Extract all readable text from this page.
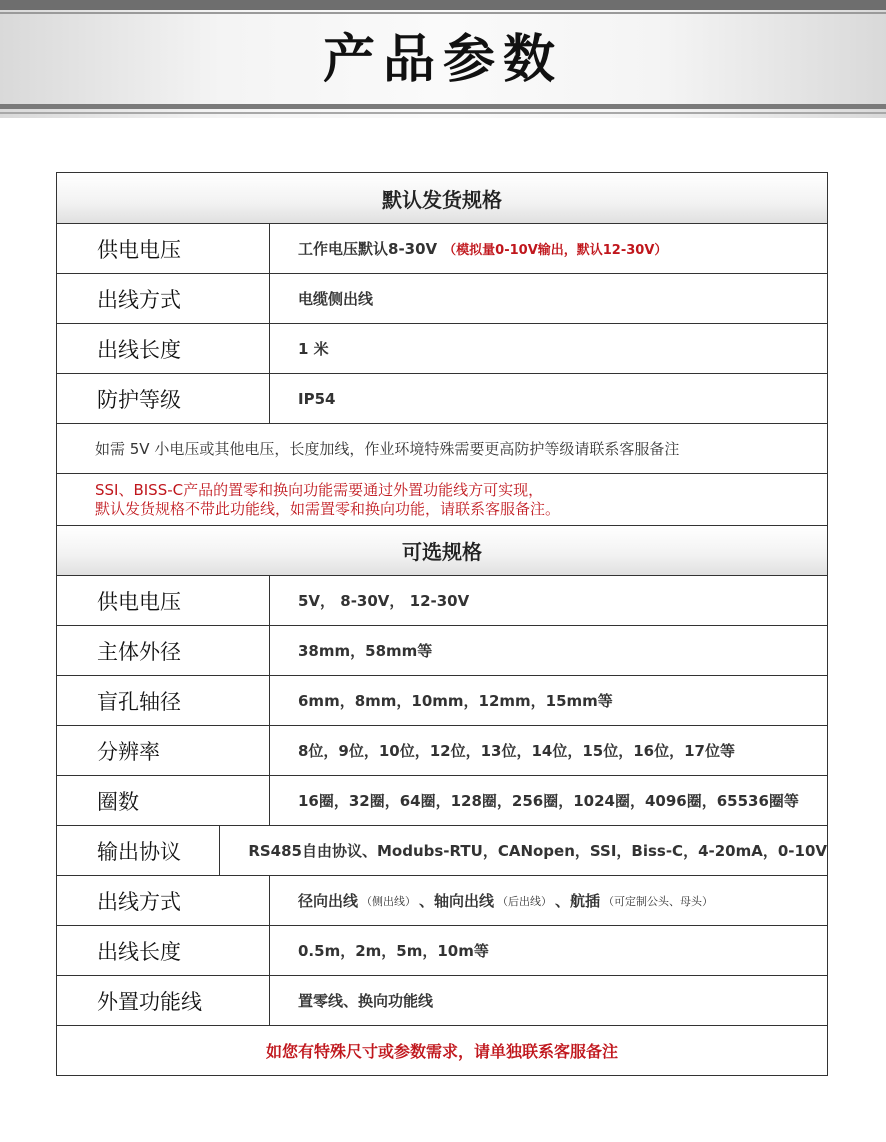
产品参数
默认发货规格
供电电压	工作电压默认8-30V （模拟量0-10V输出，默认12-30V）
出线方式	电缆侧出线
出线长度	1 米
防护等级	IP54
如需 5V 小电压或其他电压，长度加线，作业环境特殊需要更高防护等级请联系客服备注
SSI、BISS-C产品的置零和换向功能需要通过外置功能线方可实现，
默认发货规格不带此功能线，如需置零和换向功能，请联系客服备注。
可选规格
供电电压	5V， 8-30V， 12-30V
主体外径	38mm，58mm等
盲孔轴径	6mm，8mm，10mm，12mm，15mm等
分辨率	8位，9位，10位，12位，13位，14位，15位，16位，17位等
圈数	16圈，32圈，64圈，128圈，256圈，1024圈，4096圈，65536圈等
输出协议	RS485自由协议、Modubs-RTU，CANopen，SSI，Biss-C，4-20mA，0-10V
出线方式	径向出线 （侧出线） 、轴向出线 （后出线） 、航插 （可定制公头、母头）
出线长度	0.5m，2m，5m，10m等
外置功能线	置零线、换向功能线
如您有特殊尺寸或参数需求，请单独联系客服备注
